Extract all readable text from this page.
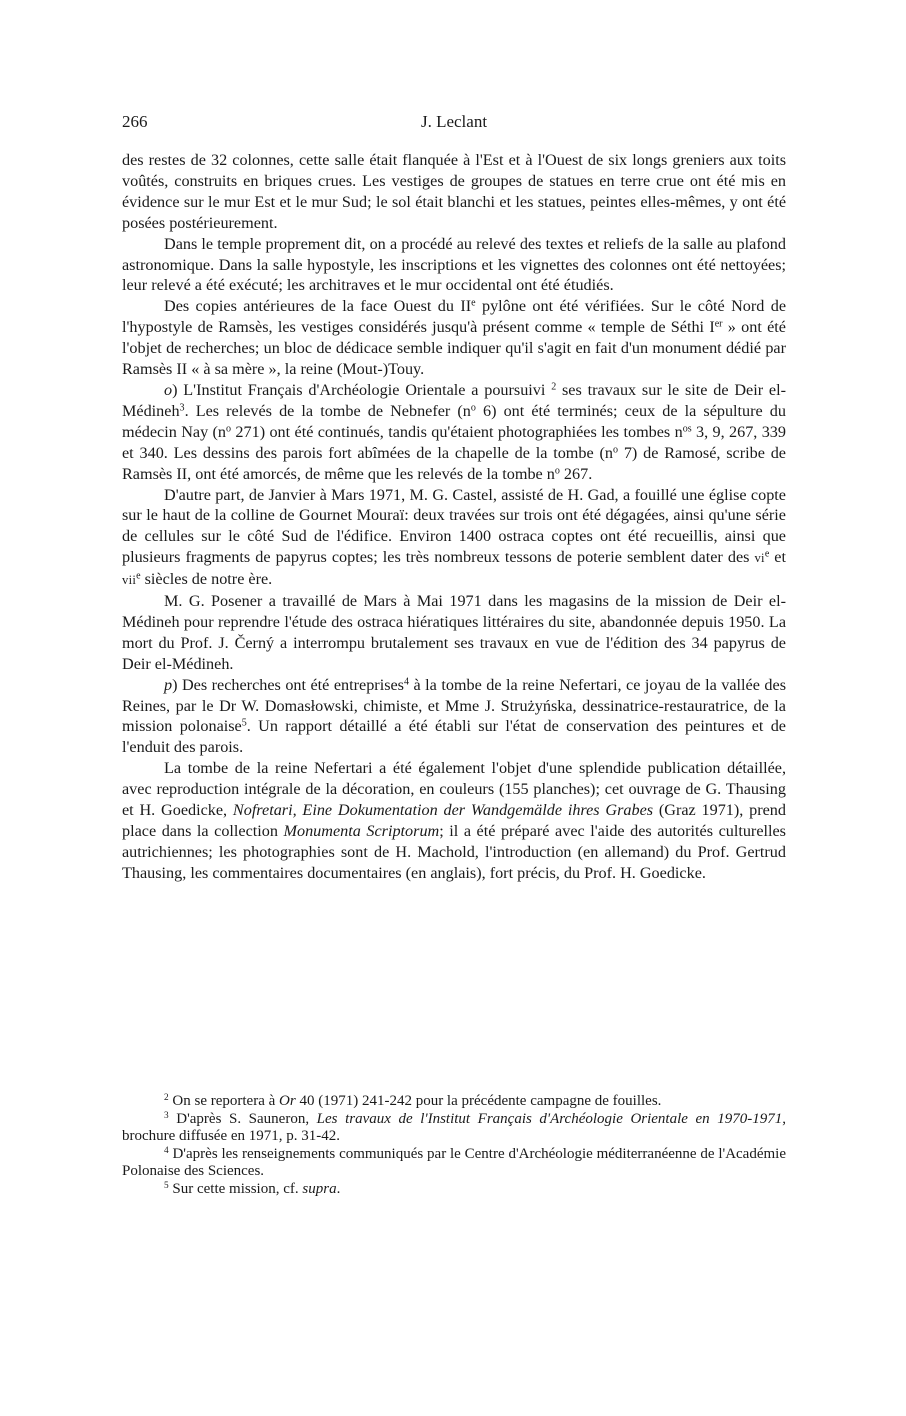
266	J. Leclant

des restes de 32 colonnes, cette salle était flanquée à l'Est et à l'Ouest de six longs greniers aux toits voûtés, construits en briques crues. Les vestiges de groupes de statues en terre crue ont été mis en évidence sur le mur Est et le mur Sud; le sol était blanchi et les statues, peintes elles-mêmes, y ont été posées postérieurement.

Dans le temple proprement dit, on a procédé au relevé des textes et reliefs de la salle au plafond astronomique. Dans la salle hypostyle, les inscriptions et les vignettes des colonnes ont été nettoyées; leur relevé a été exécuté; les architraves et le mur occidental ont été étudiés.

Des copies antérieures de la face Ouest du IIe pylône ont été vérifiées. Sur le côté Nord de l'hypostyle de Ramsès, les vestiges considérés jusqu'à présent comme « temple de Séthi Ier » ont été l'objet de recherches; un bloc de dédicace semble indiquer qu'il s'agit en fait d'un monument dédié par Ramsès II « à sa mère », la reine (Mout-)Touy.

o) L'Institut Français d'Archéologie Orientale a poursuivi $^2$ ses travaux sur le site de Deir el-Médineh$^3$. Les relevés de la tombe de Nebnefer ($n^o$ 6) ont été terminés; ceux de la sépulture du médecin Nay ($n^o$ 271) ont été continués, tandis qu'étaient photographiées les tombes $n^{os}$ 3, 9, 267, 339 et 340. Les dessins des parois fort abîmées de la chapelle de la tombe ($n^o$ 7) de Ramosé, scribe de Ramsès II, ont été amorcés, de même que les relevés de la tombe $n^o$ 267.

D'autre part, de Janvier à Mars 1971, M. G. Castel, assisté de H. Gad, a fouillé une église copte sur le haut de la colline de Gournet Mouraï: deux travées sur trois ont été dégagées, ainsi qu'une série de cellules sur le côté Sud de l'édifice. Environ 1400 ostraca coptes ont été recueillis, ainsi que plusieurs fragments de papyrus coptes; les très nombreux tessons de poterie semblent dater des $vi^e$ et vii$^e$ siècles de notre ère.

M. G. Posener a travaillé de Mars à Mai 1971 dans les magasins de la mission de Deir el-Médineh pour reprendre l'étude des ostraca hiératiques littéraires du site, abandonnée depuis 1950. La mort du Prof. J. Černý a interrompu brutalement ses travaux en vue de l'édition des 34 papyrus de Deir el-Médineh.

p) Des recherches ont été entreprises$^4$ à la tombe de la reine Nefertari, ce joyau de la vallée des Reines, par le Dr W. Domasłowski, chimiste, et Mme J. Strużyńska, dessinatrice-restauratrice, de la mission polonaise$^5$. Un rapport détaillé a été établi sur l'état de conservation des peintures et de l'enduit des parois.

La tombe de la reine Nefertari a été également l'objet d'une splendide publication détaillée, avec reproduction intégrale de la décoration, en couleurs (155 planches); cet ouvrage de G. Thausing et H. Goedicke, Nofretari, Eine Dokumentation der Wandgemälde ihres Grabes (Graz 1971), prend place dans la collection Monumenta Scriptorum; il a été préparé avec l'aide des autorités culturelles autrichiennes; les photographies sont de H. Machold, l'introduction (en allemand) du Prof. Gertrud Thausing, les commentaires documentaires (en anglais), fort précis, du Prof. H. Goedicke.

$^2$ On se reportera à Or 40 (1971) 241-242 pour la précédente campagne de fouilles.

$^3$ D'après S. Sauneron, Les travaux de l'Institut Français d'Archéologie Orientale en 1970-1971, brochure diffusée en 1971, p. 31-42.

$^4$ D'après les renseignements communiqués par le Centre d'Archéologie méditerranéenne de l'Académie Polonaise des Sciences.

$^5$ Sur cette mission, cf. supra.
